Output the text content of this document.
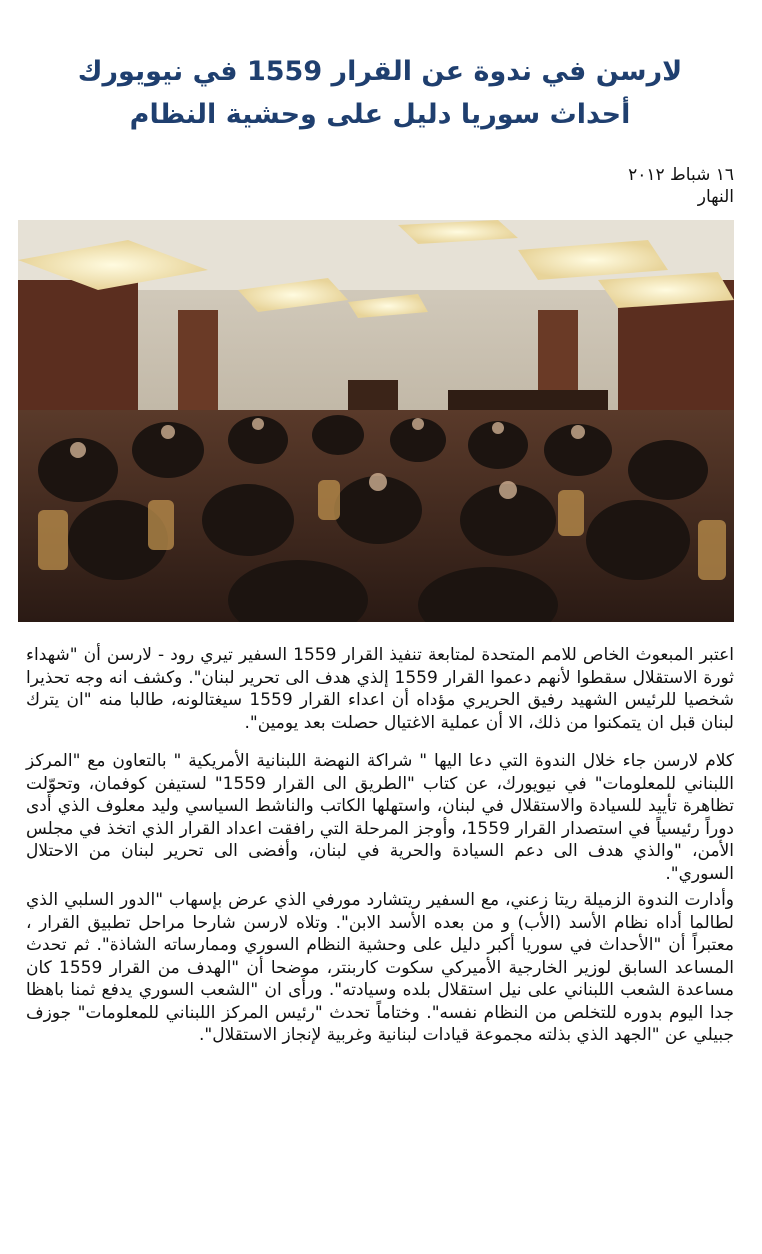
لارسن في ندوة عن القرار 1559 في نيويورك
أحداث سوريا دليل على وحشية النظام
١٦ شباط ٢٠١٢
النهار

اعتبر المبعوث الخاص للامم المتحدة لمتابعة تنفيذ القرار 1559 السفير تيري رود - لارسن أن "شهداء ثورة الاستقلال سقطوا لأنهم دعموا القرار 1559 إلذي هدف الى تحرير لبنان". وكشف انه وجه تحذيرا شخصيا للرئيس الشهيد رفيق الحريري مؤداه أن اعداء القرار 1559 سيغتالونه، طالبا منه "ان يترك لبنان قبل ان يتمكنوا من ذلك، الا أن عملية الاغتيال حصلت بعد يومين".

كلام لارسن جاء خلال الندوة التي دعا اليها " شراكة النهضة اللبنانية الأمريكية " بالتعاون مع "المركز اللبناني للمعلومات" في نيويورك، عن كتاب "الطريق الى القرار 1559" لستيفن كوفمان، وتحوّلت تظاهرة تأييد للسيادة والاستقلال في لبنان، واستهلها الكاتب والناشط السياسي وليد معلوف الذي أدى دوراً رئيسياً في استصدار القرار 1559، وأوجز المرحلة التي رافقت اعداد القرار الذي اتخذ في مجلس الأمن، "والذي هدف الى دعم السيادة والحرية في لبنان، وأفضى الى تحرير لبنان من الاحتلال السوري".

وأدارت الندوة الزميلة ريتا زعني، مع السفير ريتشارد مورفي الذي عرض بإسهاب "الدور السلبي الذي لطالما أداه نظام الأسد (الأب) و من بعده الأسد الابن". وتلاه لارسن شارحا مراحل تطبيق القرار ، معتبراً أن "الأحداث في سوريا أكبر دليل على وحشية النظام السوري وممارساته الشاذة". ثم تحدث المساعد السابق لوزير الخارجية الأميركي سكوت كاربنتر، موضحا أن "الهدف من القرار 1559 كان مساعدة الشعب اللبناني على نيل استقلال بلده وسيادته". ورأى ان "الشعب السوري يدفع ثمنا باهظا جدا اليوم بدوره للتخلص من النظام نفسه". وختاماً تحدث "رئيس المركز اللبناني للمعلومات" جوزف جبيلي عن "الجهد الذي بذلته مجموعة قيادات لبنانية وغربية لإنجاز الاستقلال".
